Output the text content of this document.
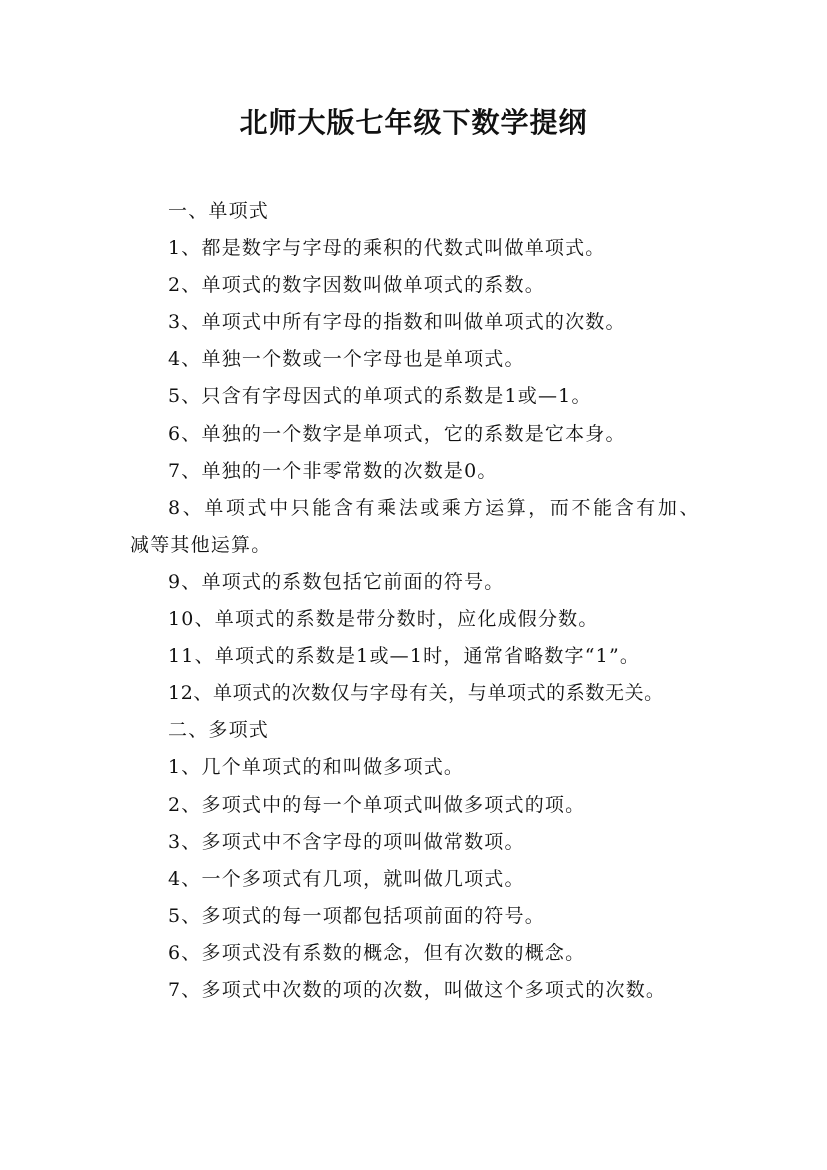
北师大版七年级下数学提纲
一、单项式
1、都是数字与字母的乘积的代数式叫做单项式。
2、单项式的数字因数叫做单项式的系数。
3、单项式中所有字母的指数和叫做单项式的次数。
4、单独一个数或一个字母也是单项式。
5、只含有字母因式的单项式的系数是1或—1。
6、单独的一个数字是单项式，它的系数是它本身。
7、单独的一个非零常数的次数是0。
8、单项式中只能含有乘法或乘方运算，而不能含有加、
减等其他运算。
9、单项式的系数包括它前面的符号。
10、单项式的系数是带分数时，应化成假分数。
11、单项式的系数是1或—1时，通常省略数字“1”。
12、单项式的次数仅与字母有关，与单项式的系数无关。
二、多项式
1、几个单项式的和叫做多项式。
2、多项式中的每一个单项式叫做多项式的项。
3、多项式中不含字母的项叫做常数项。
4、一个多项式有几项，就叫做几项式。
5、多项式的每一项都包括项前面的符号。
6、多项式没有系数的概念，但有次数的概念。
7、多项式中次数的项的次数，叫做这个多项式的次数。
